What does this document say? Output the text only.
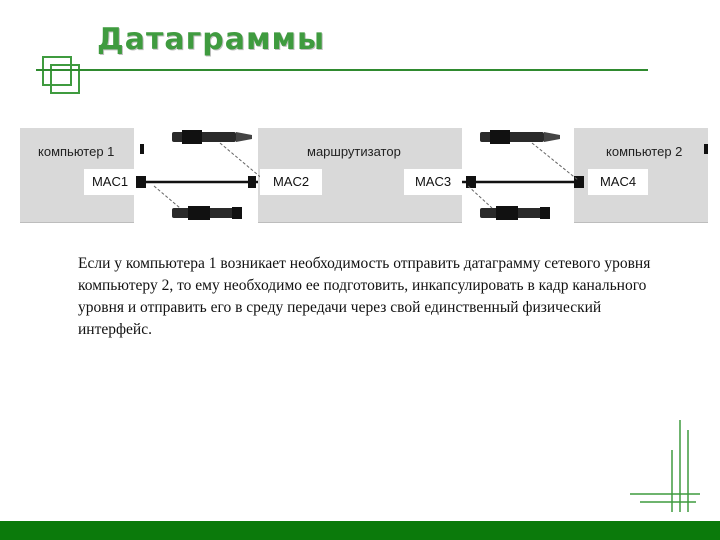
Датаграммы
компьютер 1	маршрутизатор	компьютер 2
MAC1	MAC2	MAC3	MAC4
Если у компьютера 1 возникает необходимость отправить датаграмму сетевого уровня компьютеру 2, то ему необходимо ее подготовить, инкапсулировать в кадр канального уровня и отправить его в среду передачи через свой единственный физический интерфейс.
